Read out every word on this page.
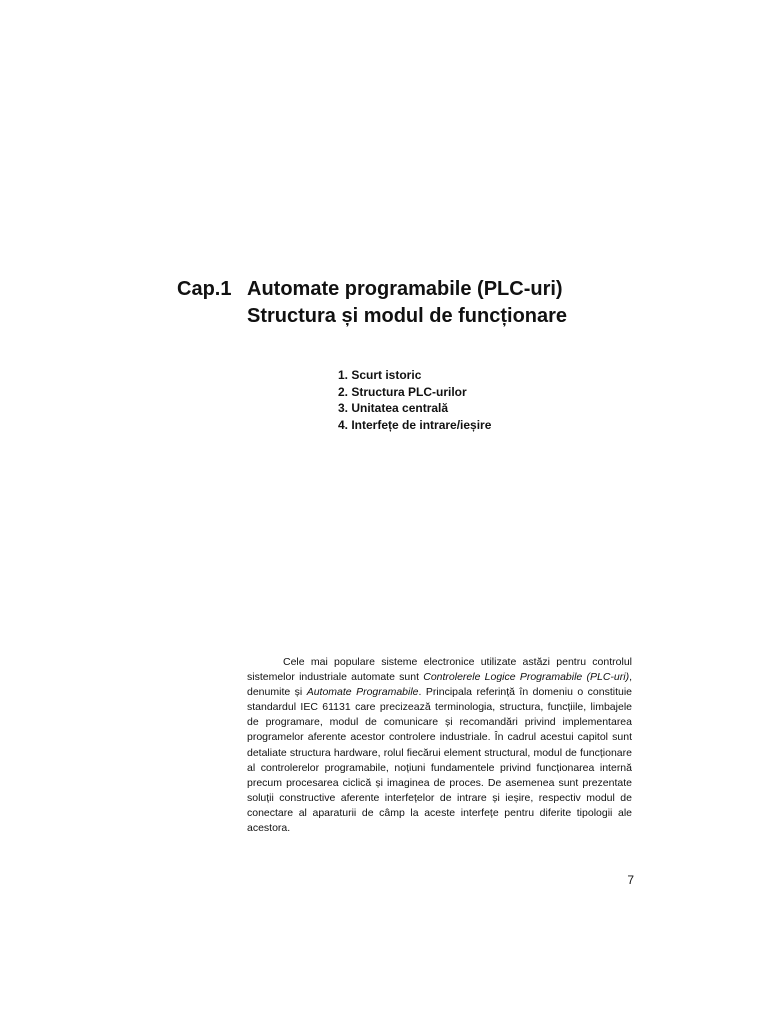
Cap.1 Automate programabile (PLC-uri)
Structura și modul de funcționare
1. Scurt istoric
2. Structura PLC-urilor
3. Unitatea centrală
4. Interfețe de intrare/ieșire

Cele mai populare sisteme electronice utilizate astăzi pentru controlul sistemelor industriale automate sunt Controlerele Logice Programabile (PLC-uri), denumite și Automate Programabile. Principala referință în domeniu o constituie standardul IEC 61131 care precizează terminologia, structura, funcțiile, limbajele de programare, modul de comunicare și recomandări privind implementarea programelor aferente acestor controlere industriale. În cadrul acestui capitol sunt detaliate structura hardware, rolul fiecărui element structural, modul de funcționare al controlerelor programabile, noțiuni fundamentele privind funcționarea internă precum procesarea ciclică și imaginea de proces. De asemenea sunt prezentate soluții constructive aferente interfețelor de intrare și ieșire, respectiv modul de conectare al aparaturii de câmp la aceste interfețe pentru diferite tipologii ale acestora.

7
